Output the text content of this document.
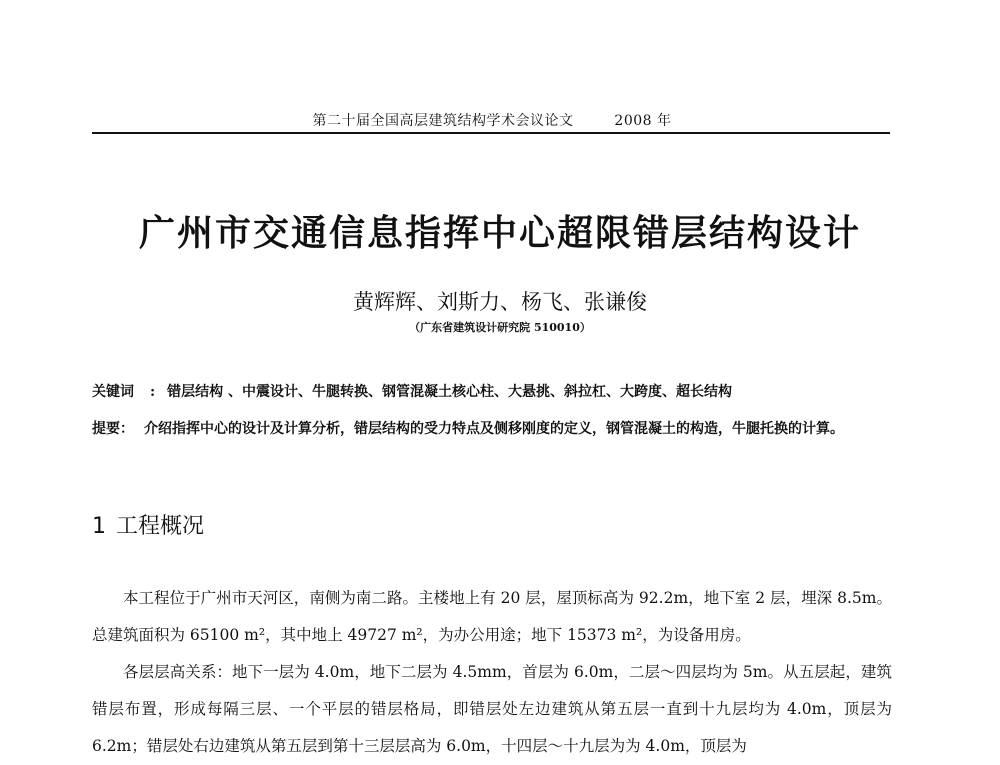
第二十届全国高层建筑结构学术会议论文	2008 年
广州市交通信息指挥中心超限错层结构设计
黄辉辉、刘斯力、杨飞、张谦俊
（广东省建筑设计研究院 510010）
关键词 : 错层结构 、中震设计、牛腿转换、钢管混凝土核心柱、大悬挑、斜拉杠、大跨度、超长结构
提要： 介绍指挥中心的设计及计算分析，错层结构的受力特点及侧移刚度的定义，钢管混凝土的构造，牛腿托换的计算。
1 工程概况

本工程位于广州市天河区，南侧为南二路。主楼地上有 20 层，屋顶标高为 92.2m，地下室 2 层，埋深 8.5m。总建筑面积为 65100 m²，其中地上 49727 m²，为办公用途；地下 15373 m²，为设备用房。

各层层高关系：地下一层为 4.0m，地下二层为 4.5mm，首层为 6.0m，二层～四层均为 5m。从五层起，建筑错层布置，形成每隔三层、一个平层的错层格局，即错层处左边建筑从第五层一直到十九层均为 4.0m，顶层为 6.2m；错层处右边建筑从第五层到第十三层层高为 6.0m，十四层～十九层为为 4.0m，顶层为
